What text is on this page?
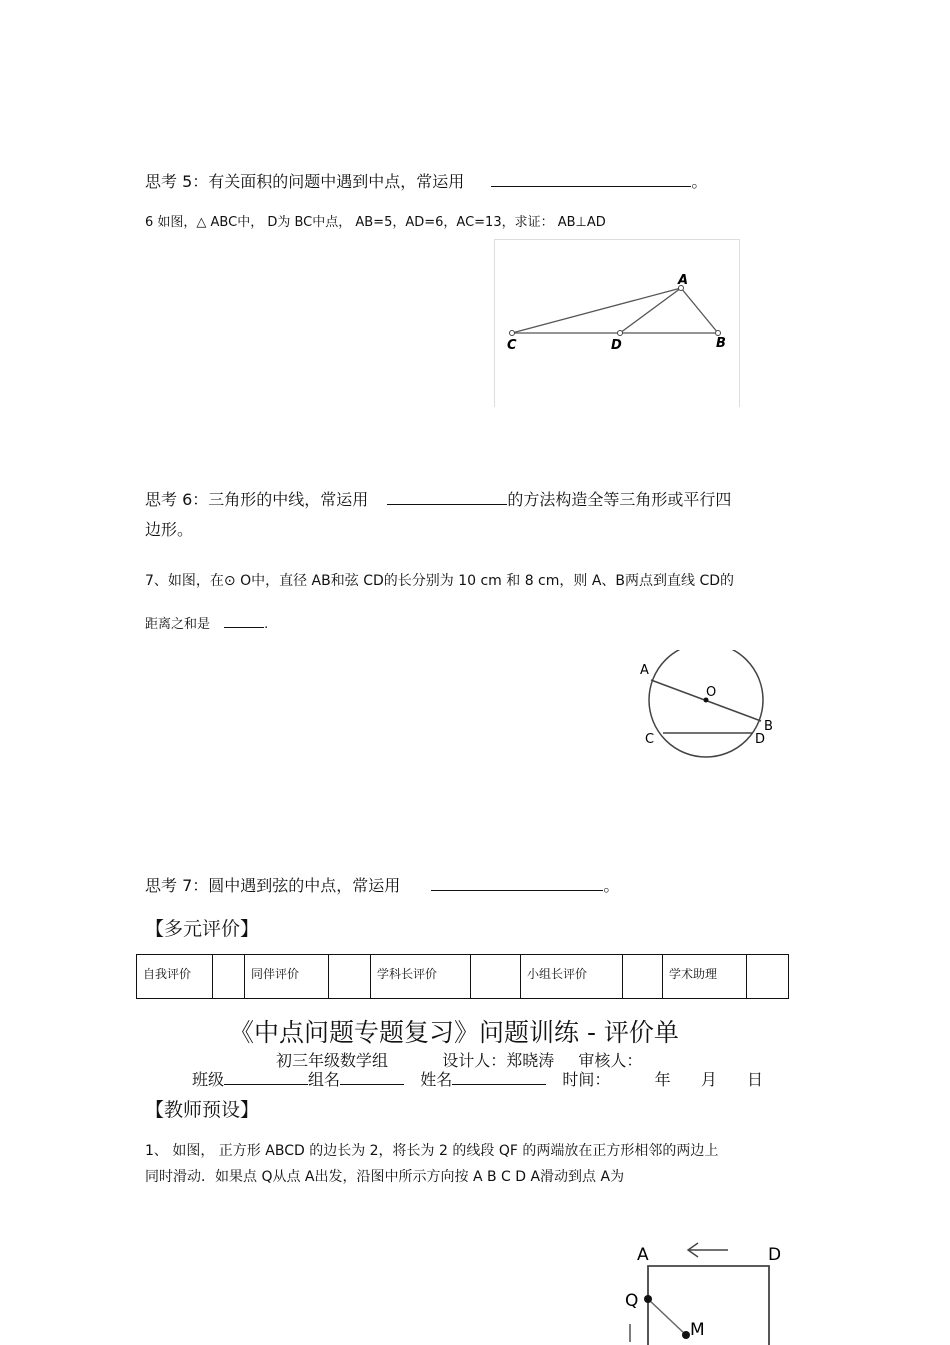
思考 5：有关面积的问题中遇到中点，常运用	。
6 如图，△ ABC中， D为 BC中点， AB=5，AD=6，AC=13，求证： AB⊥AD
A
C	D	B
思考 6：三角形的中线，常运用	的方法构造全等三角形或平行四
边形。
7、如图，在⊙ O中，直径 AB和弦 CD的长分别为 10 cm 和 8 cm，则 A、B两点到直线 CD的
距离之和是	.
A
O
B
C	D
思考 7：圆中遇到弦的中点，常运用	。
【多元评价】
自我评价		同伴评价		学科长评价		小组长评价		学术助理	
《中点问题专题复习》问题训练 - 评价单
初三年级数学组	设计人：郑晓涛 审核人：
班级	组名	姓名	时间：	年 月 日
【教师预设】
1、 如图， 正方形 ABCD 的边长为 2，将长为 2 的线段 QF 的两端放在正方形相邻的两边上
同时滑动．如果点 Q从点 A出发，沿图中所示方向按 A B C D A滑动到点 A为
A	D
Q
M
